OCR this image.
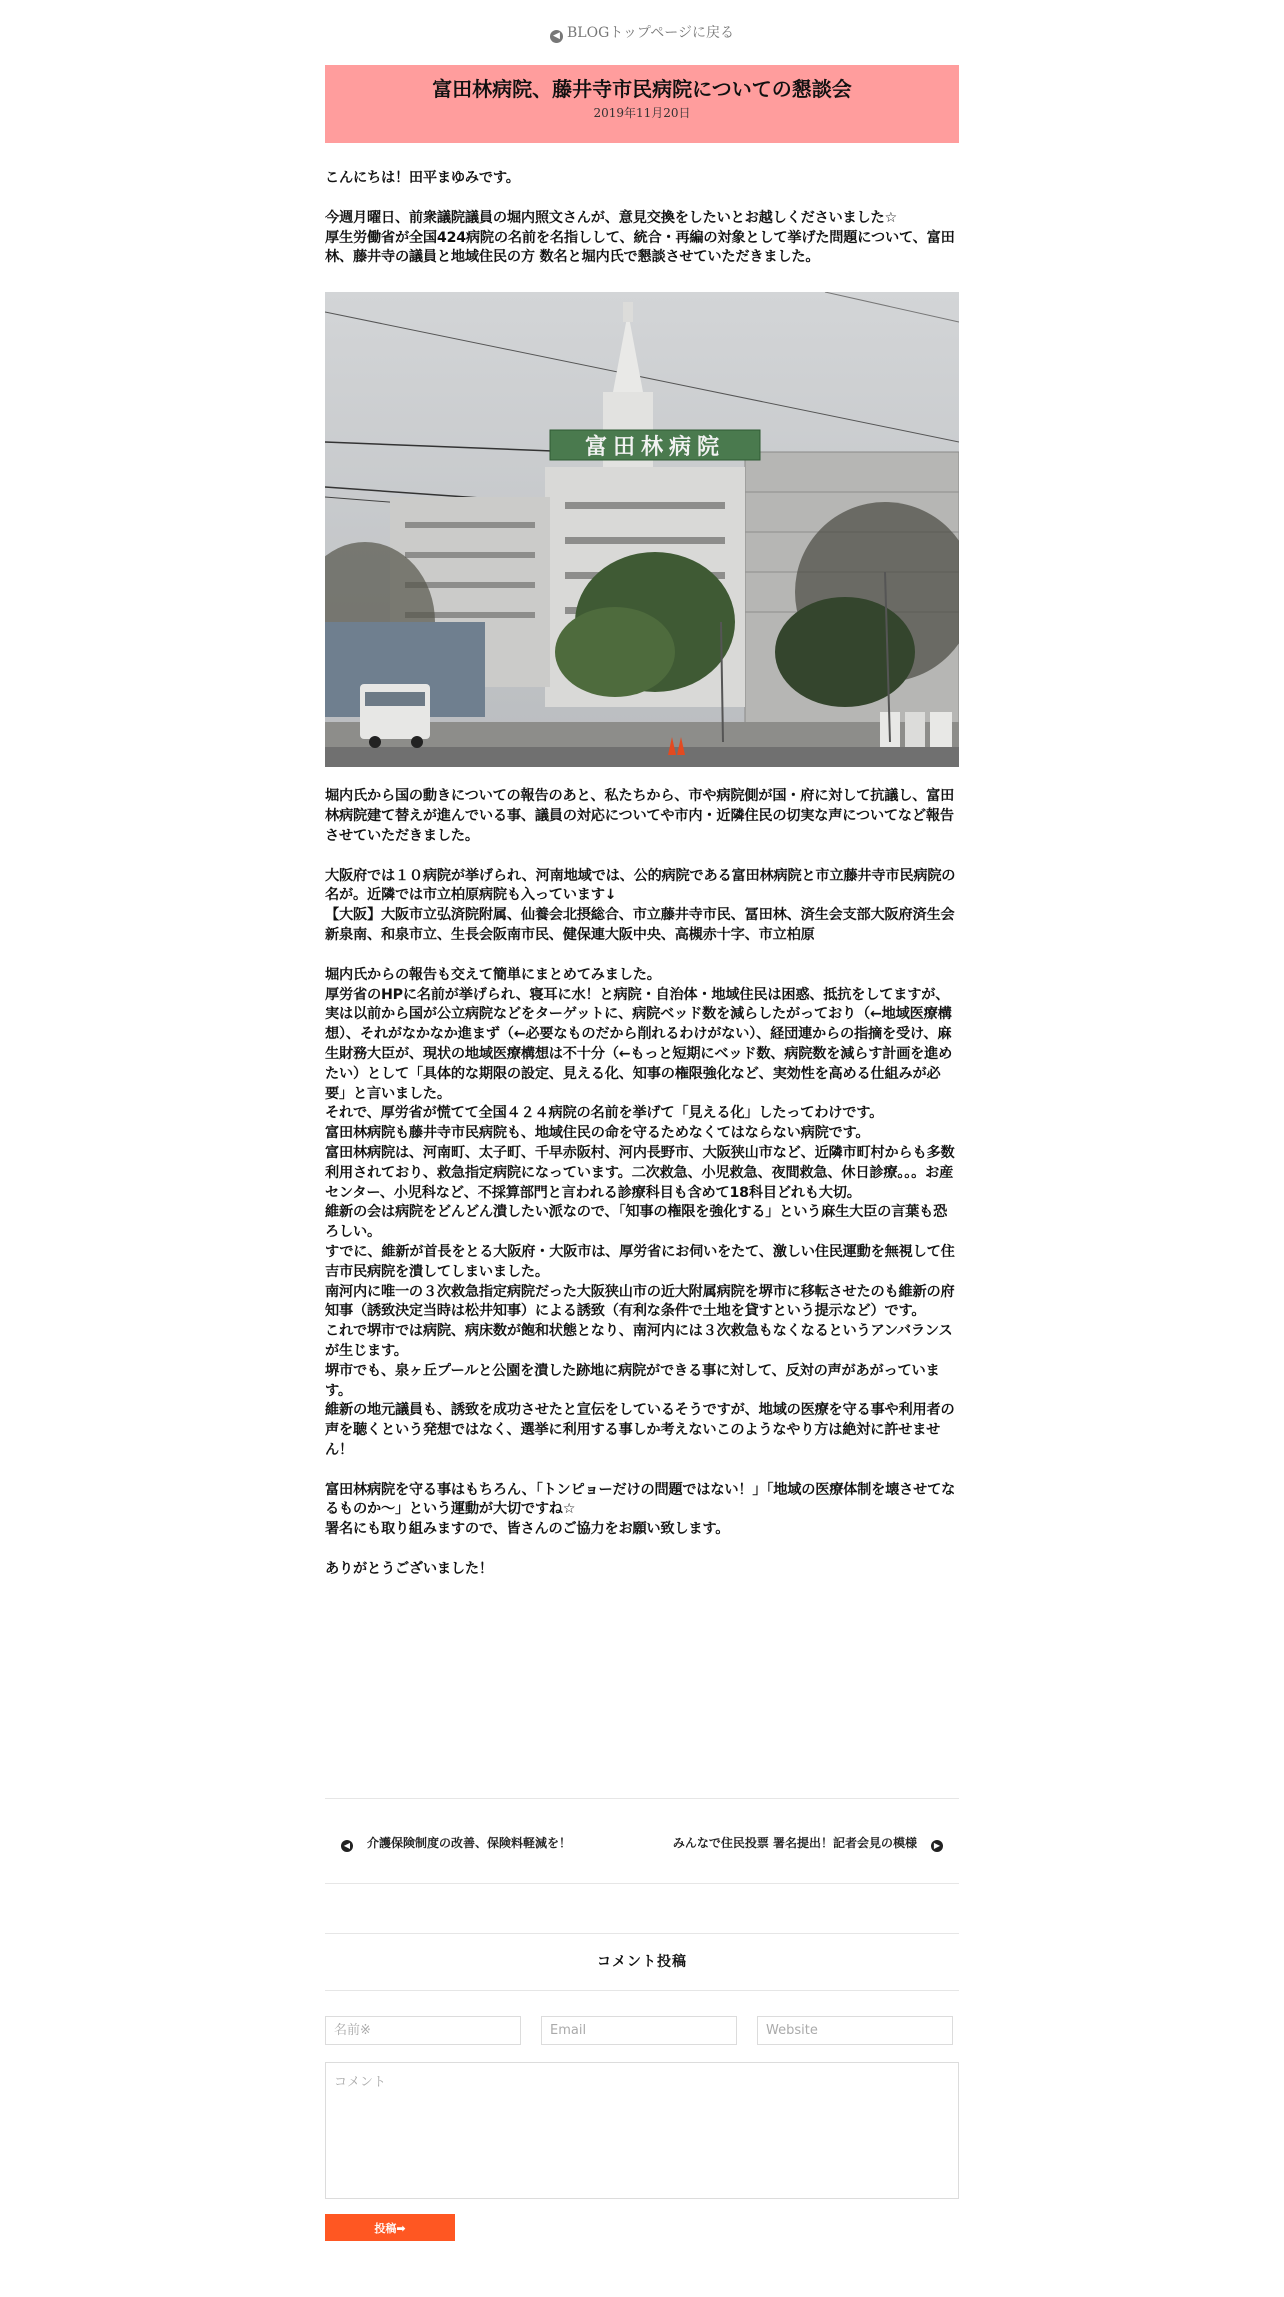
◀ BLOGトップページに戻る
富田林病院、藤井寺市民病院についての懇談会
2019年11月20日
こんにちは！田平まゆみです。
今週月曜日、前衆議院議員の堀内照文さんが、意見交換をしたいとお越しくださいました☆
厚生労働省が全国424病院の名前を名指しして、統合・再編の対象として挙げた問題について、富田林、藤井寺の議員と地域住民の方 数名と堀内氏で懇談させていただきました。
富田林病院
堀内氏から国の動きについての報告のあと、私たちから、市や病院側が国・府に対して抗議し、富田林病院建て替えが進んでいる事、議員の対応についてや市内・近隣住民の切実な声についてなど報告させていただきました。
大阪府では１０病院が挙げられ、河南地域では、公的病院である富田林病院と市立藤井寺市民病院の名が。近隣では市立柏原病院も入っています↓
【大阪】大阪市立弘済院附属、仙養会北摂総合、市立藤井寺市民、冨田林、済生会支部大阪府済生会新泉南、和泉市立、生長会阪南市民、健保連大阪中央、高槻赤十字、市立柏原
堀内氏からの報告も交えて簡単にまとめてみました。
厚労省のHPに名前が挙げられ、寝耳に水！と病院・自治体・地域住民は困惑、抵抗をしてますが、実は以前から国が公立病院などをターゲットに、病院ベッド数を減らしたがっており（←地域医療構想）、それがなかなか進まず（←必要なものだから削れるわけがない）、経団連からの指摘を受け、麻生財務大臣が、現状の地域医療構想は不十分（←もっと短期にベッド数、病院数を減らす計画を進めたい）として「具体的な期限の設定、見える化、知事の権限強化など、実効性を高める仕組みが必要」と言いました。
それで、厚労省が慌てて全国４２４病院の名前を挙げて「見える化」したってわけです。
富田林病院も藤井寺市民病院も、地域住民の命を守るためなくてはならない病院です。
富田林病院は、河南町、太子町、千早赤阪村、河内長野市、大阪狭山市など、近隣市町村からも多数利用されており、救急指定病院になっています。二次救急、小児救急、夜間救急、休日診療。。。お産センター、小児科など、不採算部門と言われる診療科目も含めて18科目どれも大切。
維新の会は病院をどんどん潰したい派なので、「知事の権限を強化する」という麻生大臣の言葉も恐ろしい。
すでに、維新が首長をとる大阪府・大阪市は、厚労省にお伺いをたて、激しい住民運動を無視して住吉市民病院を潰してしまいました。
南河内に唯一の３次救急指定病院だった大阪狭山市の近大附属病院を堺市に移転させたのも維新の府知事（誘致決定当時は松井知事）による誘致（有利な条件で土地を貸すという提示など）です。
これで堺市では病院、病床数が飽和状態となり、南河内には３次救急もなくなるというアンバランスが生じます。
堺市でも、泉ヶ丘プールと公園を潰した跡地に病院ができる事に対して、反対の声があがっています。
維新の地元議員も、誘致を成功させたと宣伝をしているそうですが、地域の医療を守る事や利用者の声を聴くという発想ではなく、選挙に利用する事しか考えないこのようなやり方は絶対に許せません！
富田林病院を守る事はもちろん、「トンピョーだけの問題ではない！」「地域の医療体制を壊させてなるものか〜」という運動が大切ですね☆
署名にも取り組みますので、皆さんのご協力をお願い致します。
ありがとうございました！
◀ 介護保険制度の改善、保険料軽減を！	みんなで住民投票 署名提出！記者会見の模様 ▶
コメント投稿
名前※
Email
Website
コメント
投稿➡
